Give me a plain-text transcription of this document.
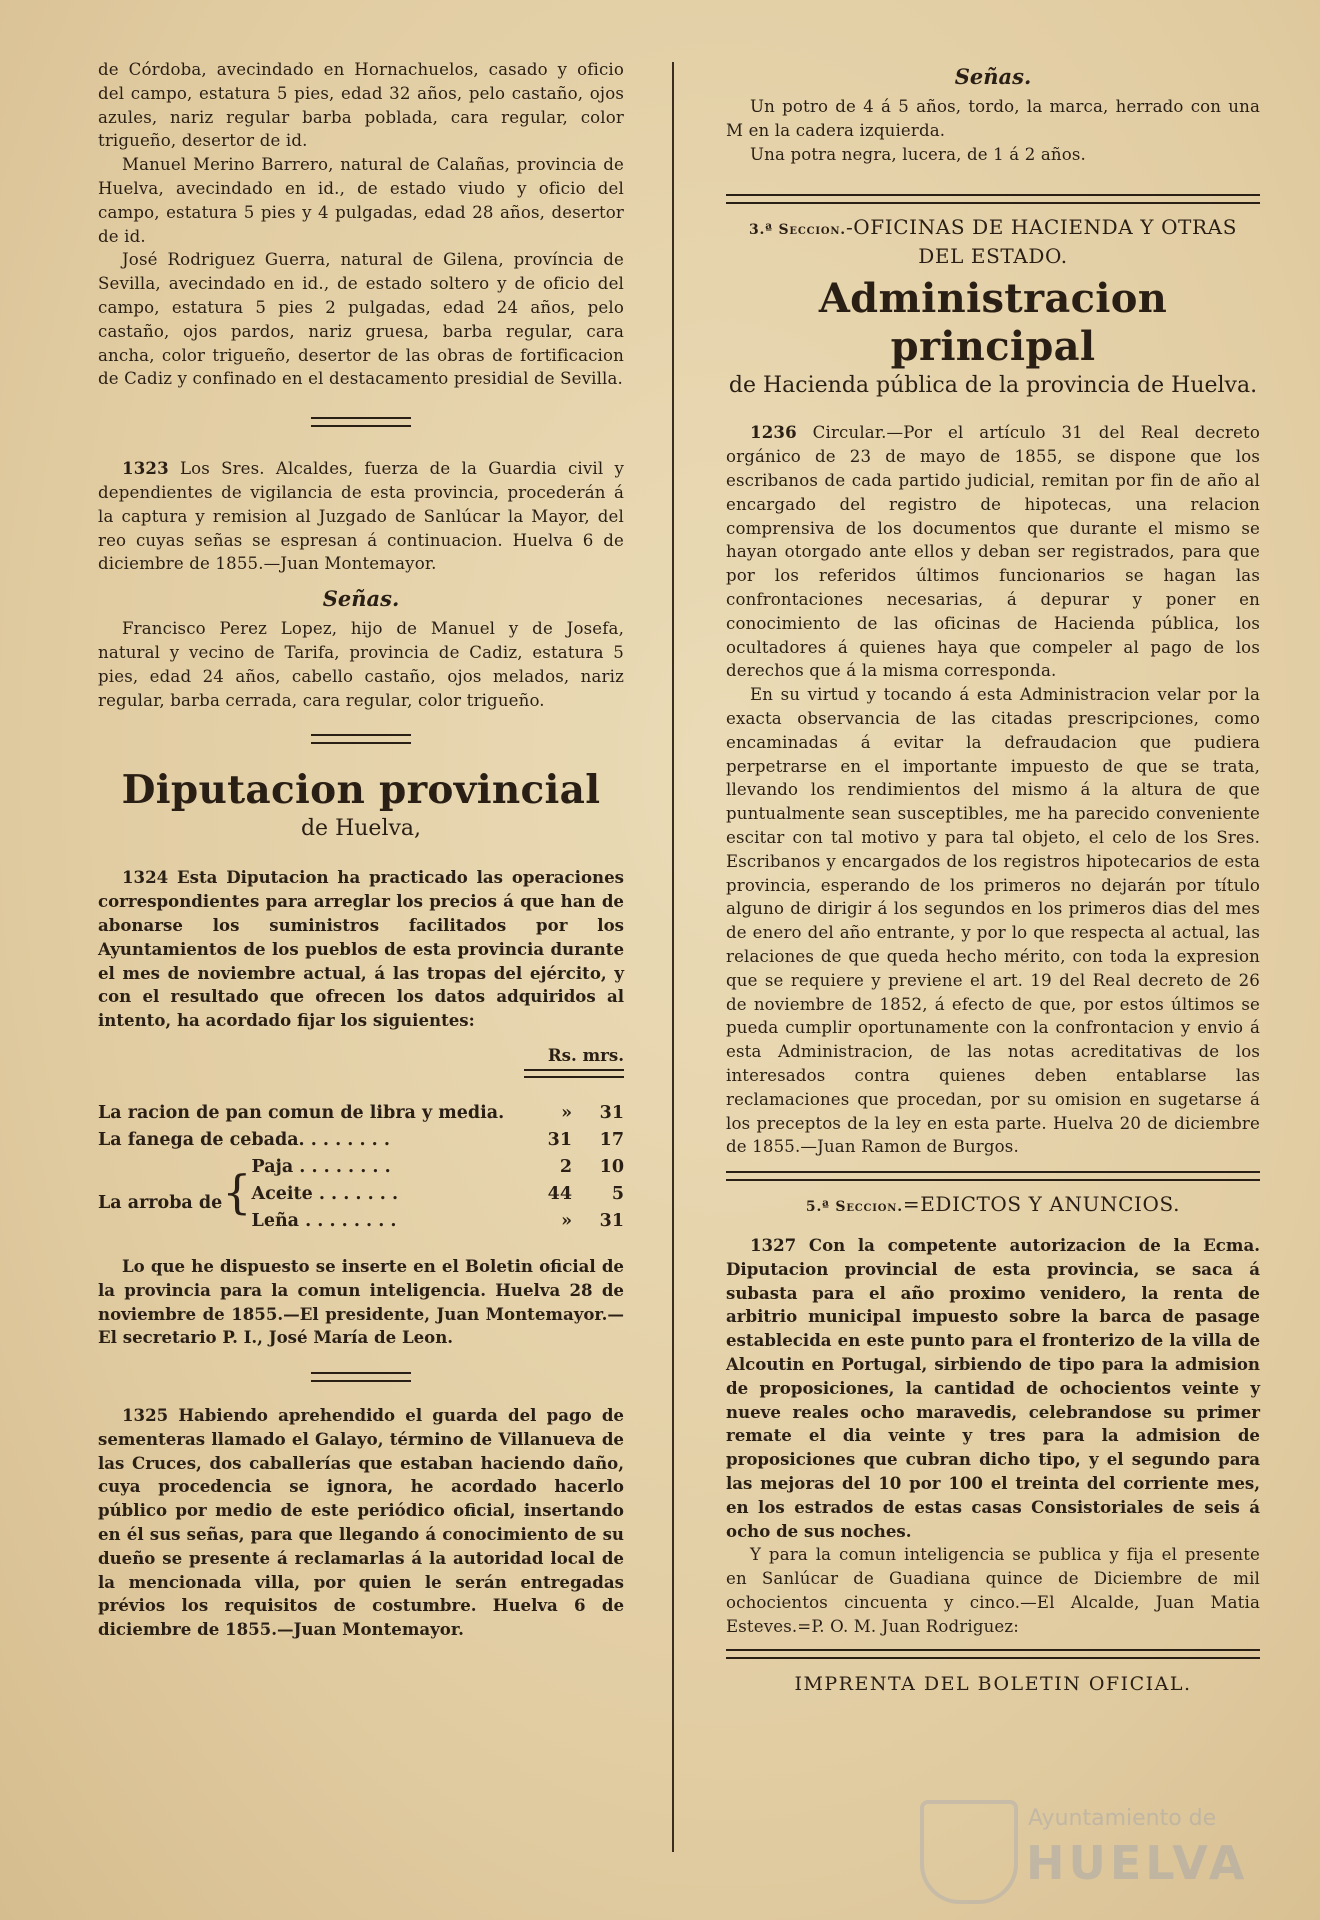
de Córdoba, avecindado en Hornachuelos, casado y oficio del campo, estatura 5 pies, edad 32 años, pelo castaño, ojos azules, nariz regular barba poblada, cara regular, color trigueño, desertor de id.

Manuel Merino Barrero, natural de Calañas, provincia de Huelva, avecindado en id., de estado viudo y oficio del campo, estatura 5 pies y 4 pulgadas, edad 28 años, desertor de id.

José Rodriguez Guerra, natural de Gilena, província de Sevilla, avecindado en id., de estado soltero y de oficio del campo, estatura 5 pies 2 pulgadas, edad 24 años, pelo castaño, ojos pardos, nariz gruesa, barba regular, cara ancha, color trigueño, desertor de las obras de fortificacion de Cadiz y confinado en el destacamento presidial de Sevilla.

1323 Los Sres. Alcaldes, fuerza de la Guardia civil y dependientes de vigilancia de esta provincia, procederán á la captura y remision al Juzgado de Sanlúcar la Mayor, del reo cuyas señas se espresan á continuacion. Huelva 6 de diciembre de 1855.—Juan Montemayor.

Señas.

Francisco Perez Lopez, hijo de Manuel y de Josefa, natural y vecino de Tarifa, provincia de Cadiz, estatura 5 pies, edad 24 años, cabello castaño, ojos melados, nariz regular, barba cerrada, cara regular, color trigueño.

Diputacion provincial
de Huelva,

1324 Esta Diputacion ha practicado las operaciones correspondientes para arreglar los precios á que han de abonarse los suministros facilitados por los Ayuntamientos de los pueblos de esta provincia durante el mes de noviembre actual, á las tropas del ejército, y con el resultado que ofrecen los datos adquiridos al intento, ha acordado fijar los siguientes:

Rs. mrs.
La racion de pan comun de libra y media.		»	31
La fanega de cebada. . . . . . . .		31	17
La arroba de{	Paja . . . . . . . .	2	10
	Aceite . . . . . . .	44	5
	Leña . . . . . . . .	»	31

Lo que he dispuesto se inserte en el Boletin oficial de la provincia para la comun inteligencia. Huelva 28 de noviembre de 1855.—El presidente, Juan Montemayor.—El secretario P. I., José María de Leon.

1325 Habiendo aprehendido el guarda del pago de sementeras llamado el Galayo, término de Villanueva de las Cruces, dos caballerías que estaban haciendo daño, cuya procedencia se ignora, he acordado hacerlo público por medio de este periódico oficial, insertando en él sus señas, para que llegando á conocimiento de su dueño se presente á reclamarlas á la autoridad local de la mencionada villa, por quien le serán entregadas prévios los requisitos de costumbre. Huelva 6 de diciembre de 1855.—Juan Montemayor.

Señas.

Un potro de 4 á 5 años, tordo, la marca, herrado con una M en la cadera izquierda.

Una potra negra, lucera, de 1 á 2 años.

3.ª Seccion.-OFICINAS DE HACIENDA Y OTRAS DEL ESTADO.
Administracion principal
de Hacienda pública de la provincia de Huelva.

1236 Circular.—Por el artículo 31 del Real decreto orgánico de 23 de mayo de 1855, se dispone que los escribanos de cada partido judicial, remitan por fin de año al encargado del registro de hipotecas, una relacion comprensiva de los documentos que durante el mismo se hayan otorgado ante ellos y deban ser registrados, para que por los referidos últimos funcionarios se hagan las confrontaciones necesarias, á depurar y poner en conocimiento de las oficinas de Hacienda pública, los ocultadores á quienes haya que compeler al pago de los derechos que á la misma corresponda.

En su virtud y tocando á esta Administracion velar por la exacta observancia de las citadas prescripciones, como encaminadas á evitar la defraudacion que pudiera perpetrarse en el importante impuesto de que se trata, llevando los rendimientos del mismo á la altura de que puntualmente sean susceptibles, me ha parecido conveniente escitar con tal motivo y para tal objeto, el celo de los Sres. Escribanos y encargados de los registros hipotecarios de esta provincia, esperando de los primeros no dejarán por título alguno de dirigir á los segundos en los primeros dias del mes de enero del año entrante, y por lo que respecta al actual, las relaciones de que queda hecho mérito, con toda la expresion que se requiere y previene el art. 19 del Real decreto de 26 de noviembre de 1852, á efecto de que, por estos últimos se pueda cumplir oportunamente con la confrontacion y envio á esta Administracion, de las notas acreditativas de los interesados contra quienes deben entablarse las reclamaciones que procedan, por su omision en sugetarse á los preceptos de la ley en esta parte. Huelva 20 de diciembre de 1855.—Juan Ramon de Burgos.

5.ª Seccion.=EDICTOS Y ANUNCIOS.

1327 Con la competente autorizacion de la Ecma. Diputacion provincial de esta provincia, se saca á subasta para el año proximo venidero, la renta de arbitrio municipal impuesto sobre la barca de pasage establecida en este punto para el fronterizo de la villa de Alcoutin en Portugal, sirbiendo de tipo para la admision de proposiciones, la cantidad de ochocientos veinte y nueve reales ocho maravedis, celebrandose su primer remate el dia veinte y tres para la admision de proposiciones que cubran dicho tipo, y el segundo para las mejoras del 10 por 100 el treinta del corriente mes, en los estrados de estas casas Consistoriales de seis á ocho de sus noches.

Y para la comun inteligencia se publica y fija el presente en Sanlúcar de Guadiana quince de Diciembre de mil ochocientos cincuenta y cinco.—El Alcalde, Juan Matia Esteves.=P. O. M. Juan Rodriguez:

IMPRENTA DEL BOLETIN OFICIAL.
Ayuntamiento de
HUELVA
